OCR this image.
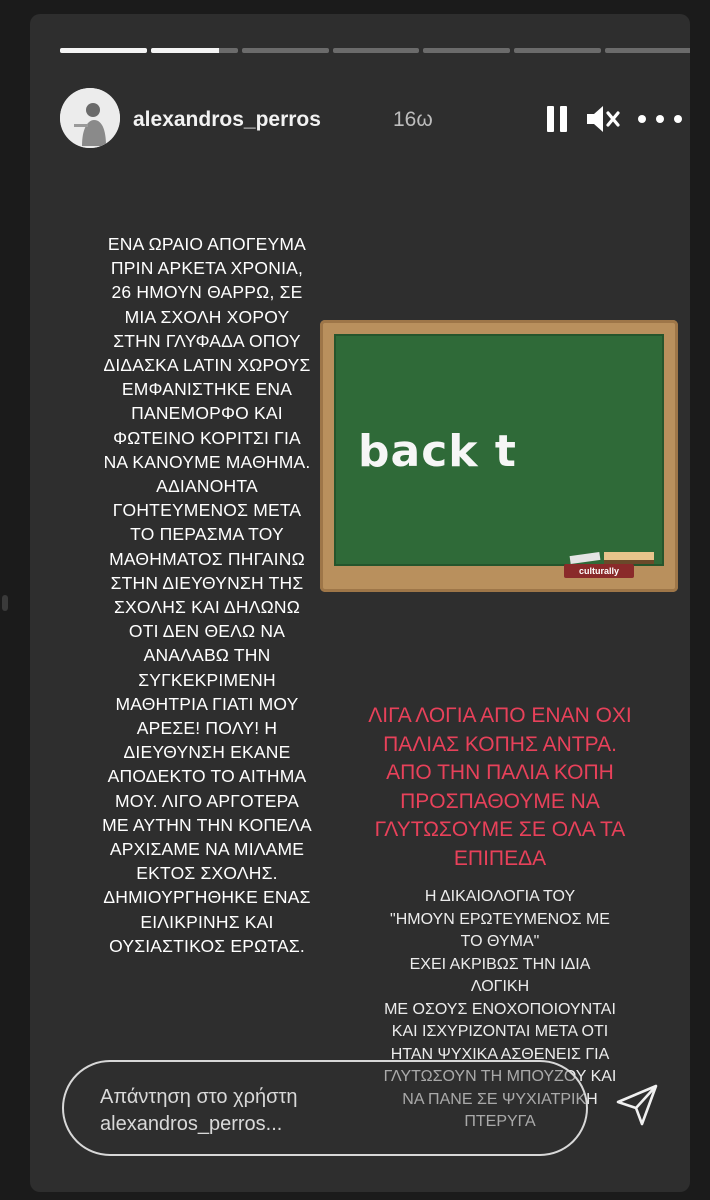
alexandros_perros	16ω
ΕΝΑ ΩΡΑΙΟ ΑΠΟΓΕΥΜΑ
ΠΡΙΝ ΑΡΚΕΤΑ ΧΡΟΝΙΑ,
26 ΗΜΟΥΝ ΘΑΡΡΩ, ΣΕ
ΜΙΑ ΣΧΟΛΗ ΧΟΡΟΥ
ΣΤΗΝ ΓΛΥΦΑΔΑ ΟΠΟΥ
ΔΙΔΑΣΚΑ LATIN ΧΩΡΟΥΣ
ΕΜΦΑΝΙΣΤΗΚΕ ΕΝΑ
ΠΑΝΕΜΟΡΦΟ ΚΑΙ
ΦΩΤΕΙΝΟ ΚΟΡΙΤΣΙ ΓΙΑ
ΝΑ ΚΑΝΟΥΜΕ ΜΑΘΗΜΑ.
ΑΔΙΑΝΟΗΤΑ
ΓΟΗΤΕΥΜΕΝΟΣ ΜΕΤΑ
ΤΟ ΠΕΡΑΣΜΑ ΤΟΥ
ΜΑΘΗΜΑΤΟΣ ΠΗΓΑΙΝΩ
ΣΤΗΝ ΔΙΕΥΘΥΝΣΗ ΤΗΣ
ΣΧΟΛΗΣ ΚΑΙ ΔΗΛΩΝΩ
ΟΤΙ ΔΕΝ ΘΕΛΩ ΝΑ
ΑΝΑΛΑΒΩ ΤΗΝ
ΣΥΓΚΕΚΡΙΜΕΝΗ
ΜΑΘΗΤΡΙΑ ΓΙΑΤΙ ΜΟΥ
ΑΡΕΣΕ! ΠΟΛΥ! Η
ΔΙΕΥΘΥΝΣΗ ΕΚΑΝΕ
ΑΠΟΔΕΚΤΟ ΤΟ ΑΙΤΗΜΑ
ΜΟΥ. ΛΙΓΟ ΑΡΓΟΤΕΡΑ
ΜΕ ΑΥΤΗΝ ΤΗΝ ΚΟΠΕΛΑ
ΑΡΧΙΣΑΜΕ ΝΑ ΜΙΛΑΜΕ
ΕΚΤΟΣ ΣΧΟΛΗΣ.
ΔΗΜΙΟΥΡΓΗΘΗΚΕ ΕΝΑΣ
ΕΙΛΙΚΡΙΝΗΣ ΚΑΙ
ΟΥΣΙΑΣΤΙΚΟΣ ΕΡΩΤΑΣ.
back t
culturally
ΛΙΓΑ ΛΟΓΙΑ ΑΠΟ ΕΝΑΝ ΟΧΙ
ΠΑΛΙΑΣ ΚΟΠΗΣ ΑΝΤΡΑ.
ΑΠΟ ΤΗΝ ΠΑΛΙΑ ΚΟΠΗ
ΠΡΟΣΠΑΘΟΥΜΕ ΝΑ
ΓΛΥΤΩΣΟΥΜΕ ΣΕ ΟΛΑ ΤΑ
ΕΠΙΠΕΔΑ
Η ΔΙΚΑΙΟΛΟΓΙΑ ΤΟΥ
"ΗΜΟΥΝ ΕΡΩΤΕΥΜΕΝΟΣ ΜΕ
ΤΟ ΘΥΜΑ"
ΕΧΕΙ ΑΚΡΙΒΩΣ ΤΗΝ ΙΔΙΑ
ΛΟΓΙΚΗ
ΜΕ ΟΣΟΥΣ ΕΝΟΧΟΠΟΙΟΥΝΤΑΙ
ΚΑΙ ΙΣΧΥΡΙΖΟΝΤΑΙ ΜΕΤΑ ΟΤΙ
ΗΤΑΝ ΨΥΧΙΚΑ ΑΣΘΕΝΕΙΣ ΓΙΑ
ΓΛΥΤΩΣΟΥΝ ΤΗ ΜΠΟΥΖΟΥ ΚΑΙ
ΝΑ ΠΑΝΕ ΣΕ ΨΥΧΙΑΤΡΙΚΗ
ΠΤΕΡΥΓΑ
Απάντηση στο χρήστη
alexandros_perros...
